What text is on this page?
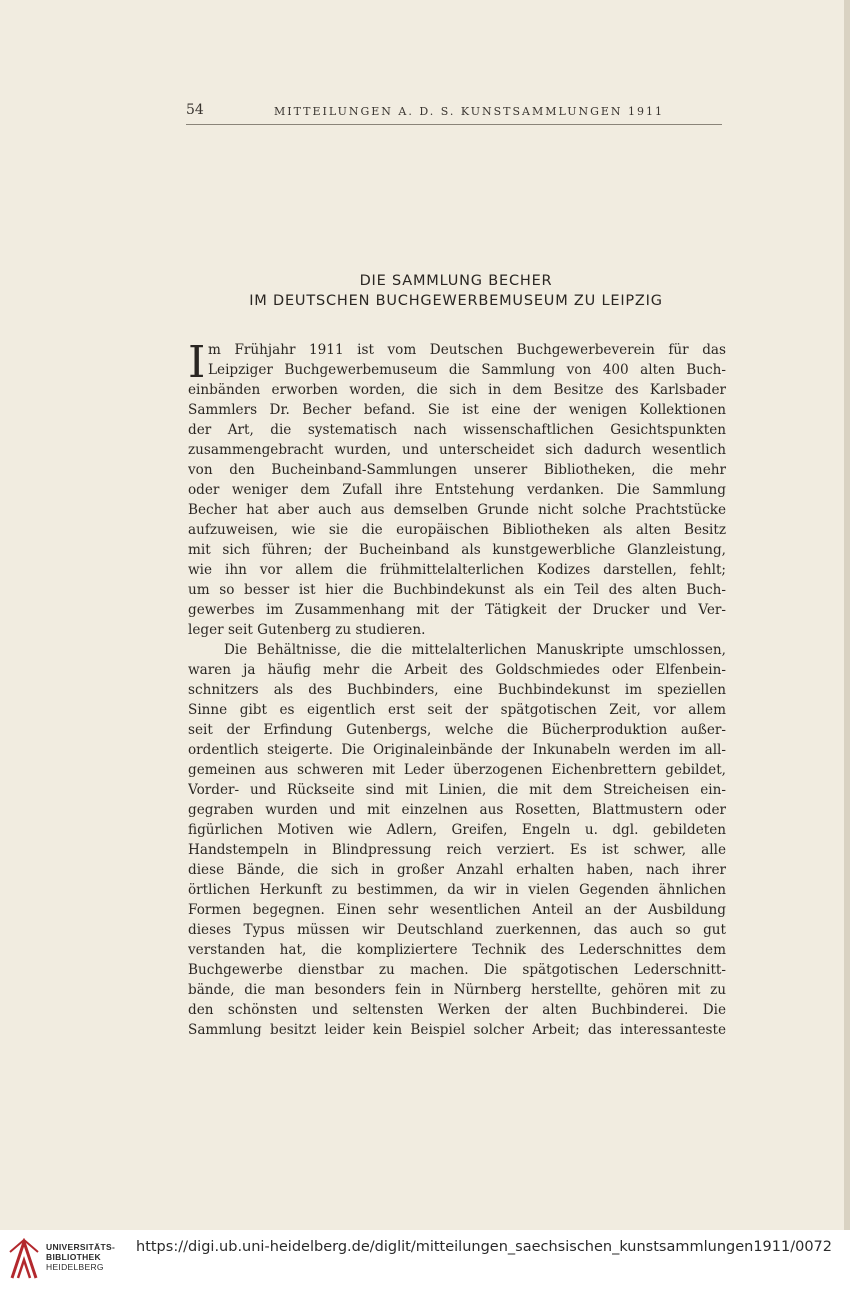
54	MITTEILUNGEN A. D. S. KUNSTSAMMLUNGEN 1911
DIE SAMMLUNG BECHER
IM DEUTSCHEN BUCHGEWERBEMUSEUM ZU LEIPZIG
I m Frühjahr 1911 ist vom Deutschen Buchgewerbeverein für das
Leipziger Buchgewerbemuseum die Sammlung von 400 alten Buch-
einbänden erworben worden, die sich in dem Besitze des Karlsbader
Sammlers Dr. Becher befand. Sie ist eine der wenigen Kollektionen
der Art, die systematisch nach wissenschaftlichen Gesichtspunkten
zusammengebracht wurden, und unterscheidet sich dadurch wesentlich
von den Bucheinband-Sammlungen unserer Bibliotheken, die mehr
oder weniger dem Zufall ihre Entstehung verdanken. Die Sammlung
Becher hat aber auch aus demselben Grunde nicht solche Prachtstücke
aufzuweisen, wie sie die europäischen Bibliotheken als alten Besitz
mit sich führen; der Bucheinband als kunstgewerbliche Glanzleistung,
wie ihn vor allem die frühmittelalterlichen Kodizes darstellen, fehlt;
um so besser ist hier die Buchbindekunst als ein Teil des alten Buch-
gewerbes im Zusammenhang mit der Tätigkeit der Drucker und Ver-
leger seit Gutenberg zu studieren.
Die Behältnisse, die die mittelalterlichen Manuskripte umschlossen,
waren ja häufig mehr die Arbeit des Goldschmiedes oder Elfenbein-
schnitzers als des Buchbinders, eine Buchbindekunst im speziellen
Sinne gibt es eigentlich erst seit der spätgotischen Zeit, vor allem
seit der Erfindung Gutenbergs, welche die Bücherproduktion außer-
ordentlich steigerte. Die Originaleinbände der Inkunabeln werden im all-
gemeinen aus schweren mit Leder überzogenen Eichenbrettern gebildet,
Vorder- und Rückseite sind mit Linien, die mit dem Streicheisen ein-
gegraben wurden und mit einzelnen aus Rosetten, Blattmustern oder
figürlichen Motiven wie Adlern, Greifen, Engeln u. dgl. gebildeten
Handstempeln in Blindpressung reich verziert. Es ist schwer, alle
diese Bände, die sich in großer Anzahl erhalten haben, nach ihrer
örtlichen Herkunft zu bestimmen, da wir in vielen Gegenden ähnlichen
Formen begegnen. Einen sehr wesentlichen Anteil an der Ausbildung
dieses Typus müssen wir Deutschland zuerkennen, das auch so gut
verstanden hat, die kompliziertere Technik des Lederschnittes dem
Buchgewerbe dienstbar zu machen. Die spätgotischen Lederschnitt-
bände, die man besonders fein in Nürnberg herstellte, gehören mit zu
den schönsten und seltensten Werken der alten Buchbinderei. Die
Sammlung besitzt leider kein Beispiel solcher Arbeit; das interessanteste
UNIVERSITÄTS-
BIBLIOTHEK
HEIDELBERG
https://digi.ub.uni-heidelberg.de/diglit/mitteilungen_saechsischen_kunstsammlungen1911/0072
